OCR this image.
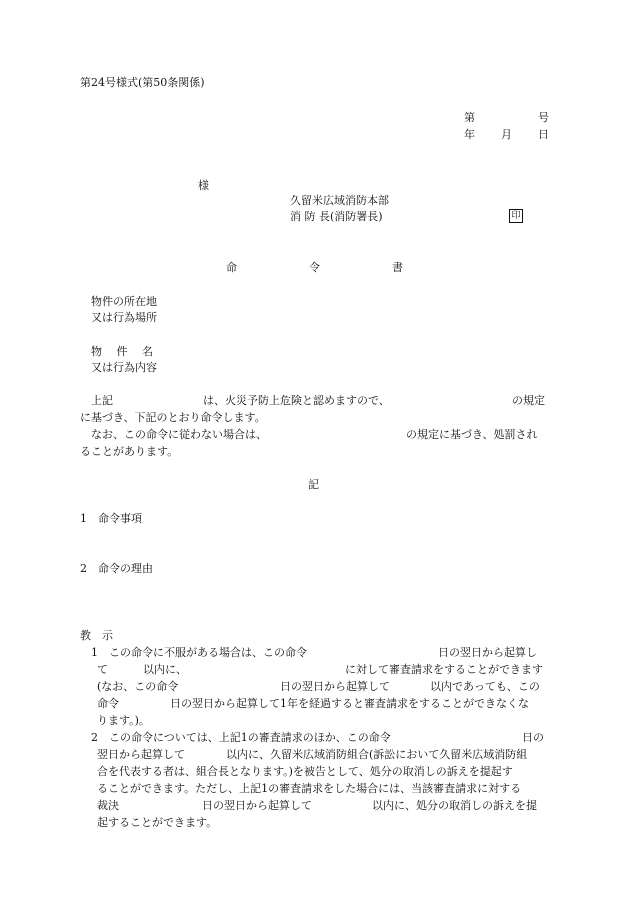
第24号様式(第50条関係)
第	号
年 月 日
様
久留米広域消防本部
消 防 長(消防署長)	印
命	令	書
物件の所在地
又は行為場所
物　 件　 名
又は行為内容
上記	は、火災予防上危険と認めますので、	の規定
に基づき、下記のとおり命令します。
なお、この命令に従わない場合は、	の規定に基づき、処罰され
ることがあります。
記
1　命令事項
2　命令の理由
教　示
1　この命令に不服がある場合は、この命令	日の翌日から起算し
て	以内に、	に対して審査請求をすることができます
(なお、この命令	日の翌日から起算して	以内であっても、この
命令	日の翌日から起算して1年を経過すると審査請求をすることができなくな
ります。)。
2　この命令については、上記1の審査請求のほか、この命令	日の
翌日から起算して	以内に、久留米広域消防組合(訴訟において久留米広域消防組
合を代表する者は、組合長となります。)を被告として、処分の取消しの訴えを提起す
ることができます。ただし、上記1の審査請求をした場合には、当該審査請求に対する
裁決	日の翌日から起算して	以内に、処分の取消しの訴えを提
起することができます。
